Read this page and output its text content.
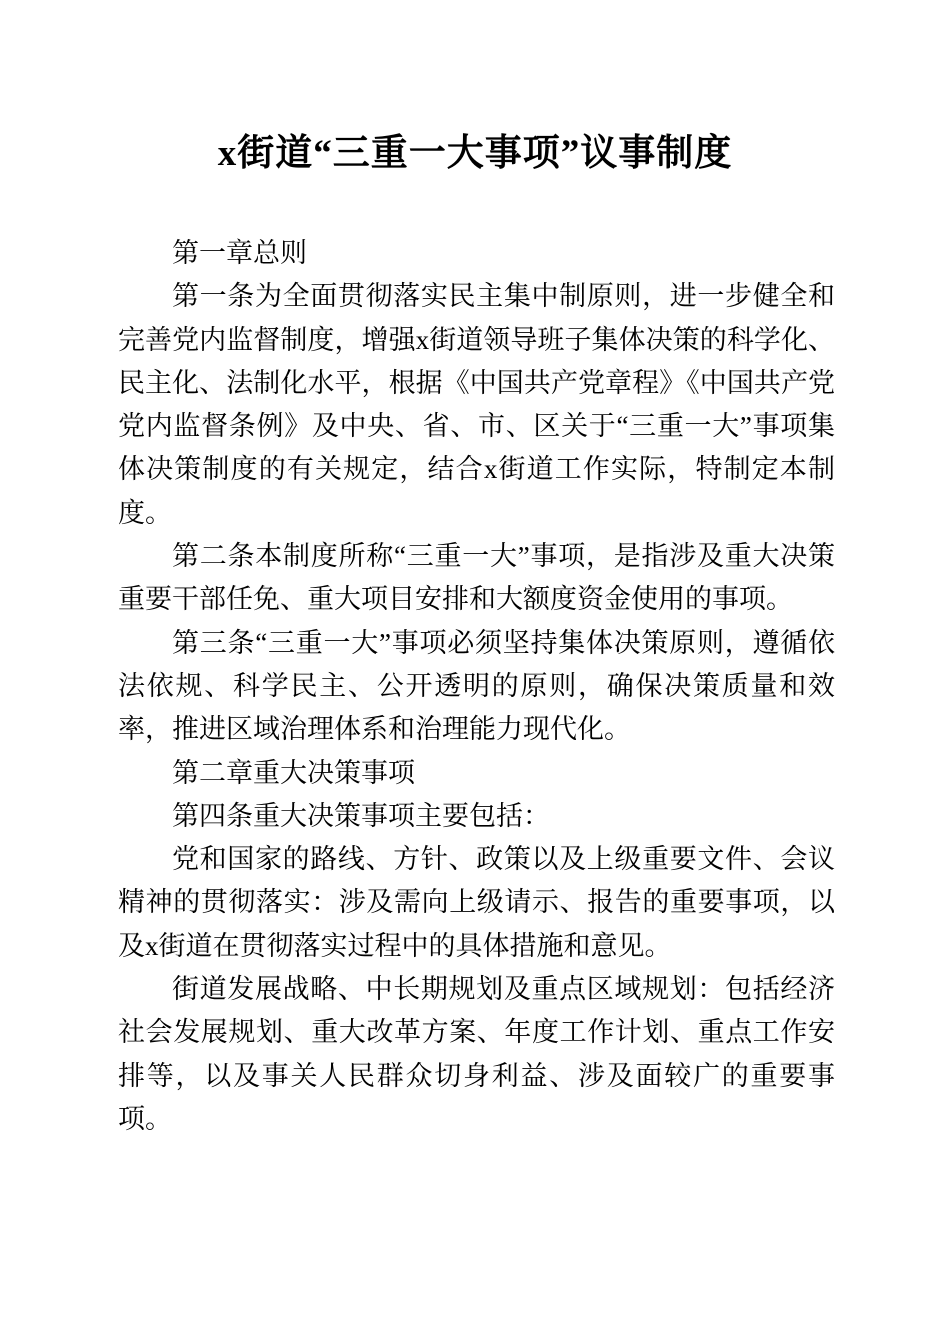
x街道“三重一大事项”议事制度

第一章总则

第一条为全面贯彻落实民主集中制原则，进一步健全和完善党内监督制度，增强x街道领导班子集体决策的科学化、民主化、法制化水平，根据《中国共产党章程》《中国共产党党内监督条例》及中央、省、市、区关于“三重一大”事项集体决策制度的有关规定，结合x街道工作实际，特制定本制度。

第二条本制度所称“三重一大”事项，是指涉及重大决策重要干部任免、重大项目安排和大额度资金使用的事项。

第三条“三重一大”事项必须坚持集体决策原则，遵循依法依规、科学民主、公开透明的原则，确保决策质量和效率，推进区域治理体系和治理能力现代化。

第二章重大决策事项

第四条重大决策事项主要包括：

党和国家的路线、方针、政策以及上级重要文件、会议精神的贯彻落实：涉及需向上级请示、报告的重要事项，以及x街道在贯彻落实过程中的具体措施和意见。

街道发展战略、中长期规划及重点区域规划：包括经济社会发展规划、重大改革方案、年度工作计划、重点工作安排等，以及事关人民群众切身利益、涉及面较广的重要事项。
